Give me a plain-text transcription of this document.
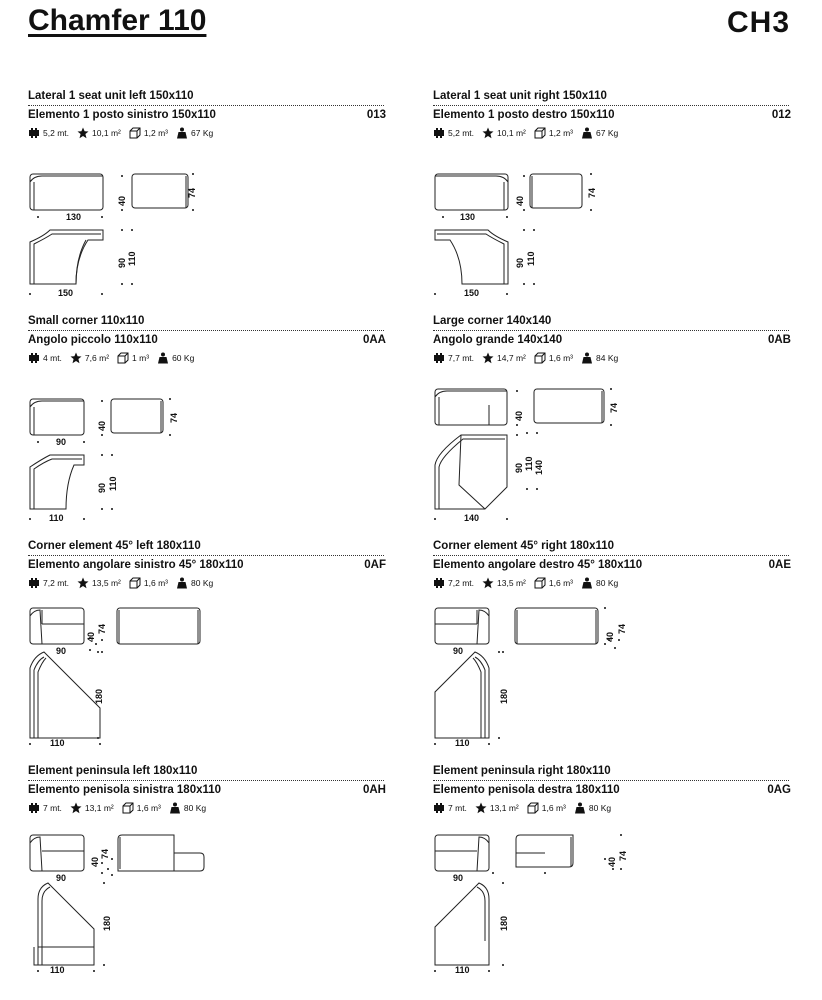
Chamfer 110	CH3
Lateral 1 seat unit left 150x110
Elemento 1 posto sinistro 150x110	013
5,2
mt.	10,1
m²	1,2
m³	67
Kg
130
40
74
150
90 110
Lateral 1 seat unit right 150x110
Elemento 1 posto destro 150x110	012
5,2
mt.	10,1
m²	1,2
m³	67
Kg
130
40
74
150
90 110
Small corner 110x110
Angolo piccolo 110x110	0AA
4
mt.	7,6
m²	1
m³	60
Kg
90
40
74
110
90 110
Large corner 140x140
Angolo grande 140x140	0AB
7,7
mt.	14,7
m²	1,6
m³	84
Kg
40
74
140
90 110 140
Corner element 45° left 180x110
Elemento angolare sinistro 45° 180x110	0AF
7,2
mt.	13,5
m²	1,6
m³	80
Kg
90
40
74
110
180
Corner element 45° right 180x110
Elemento angolare destro 45° 180x110	0AE
7,2
mt.	13,5
m²	1,6
m³	80
Kg
90
40
74
110
180
Element peninsula left 180x110
Elemento penisola sinistra 180x110	0AH
7
mt.	13,1
m²	1,6
m³	80
Kg
90
40
74
110
180
Element peninsula right 180x110
Elemento penisola destra 180x110	0AG
7
mt.	13,1
m²	1,6
m³	80
Kg
90
40
74
110
180
